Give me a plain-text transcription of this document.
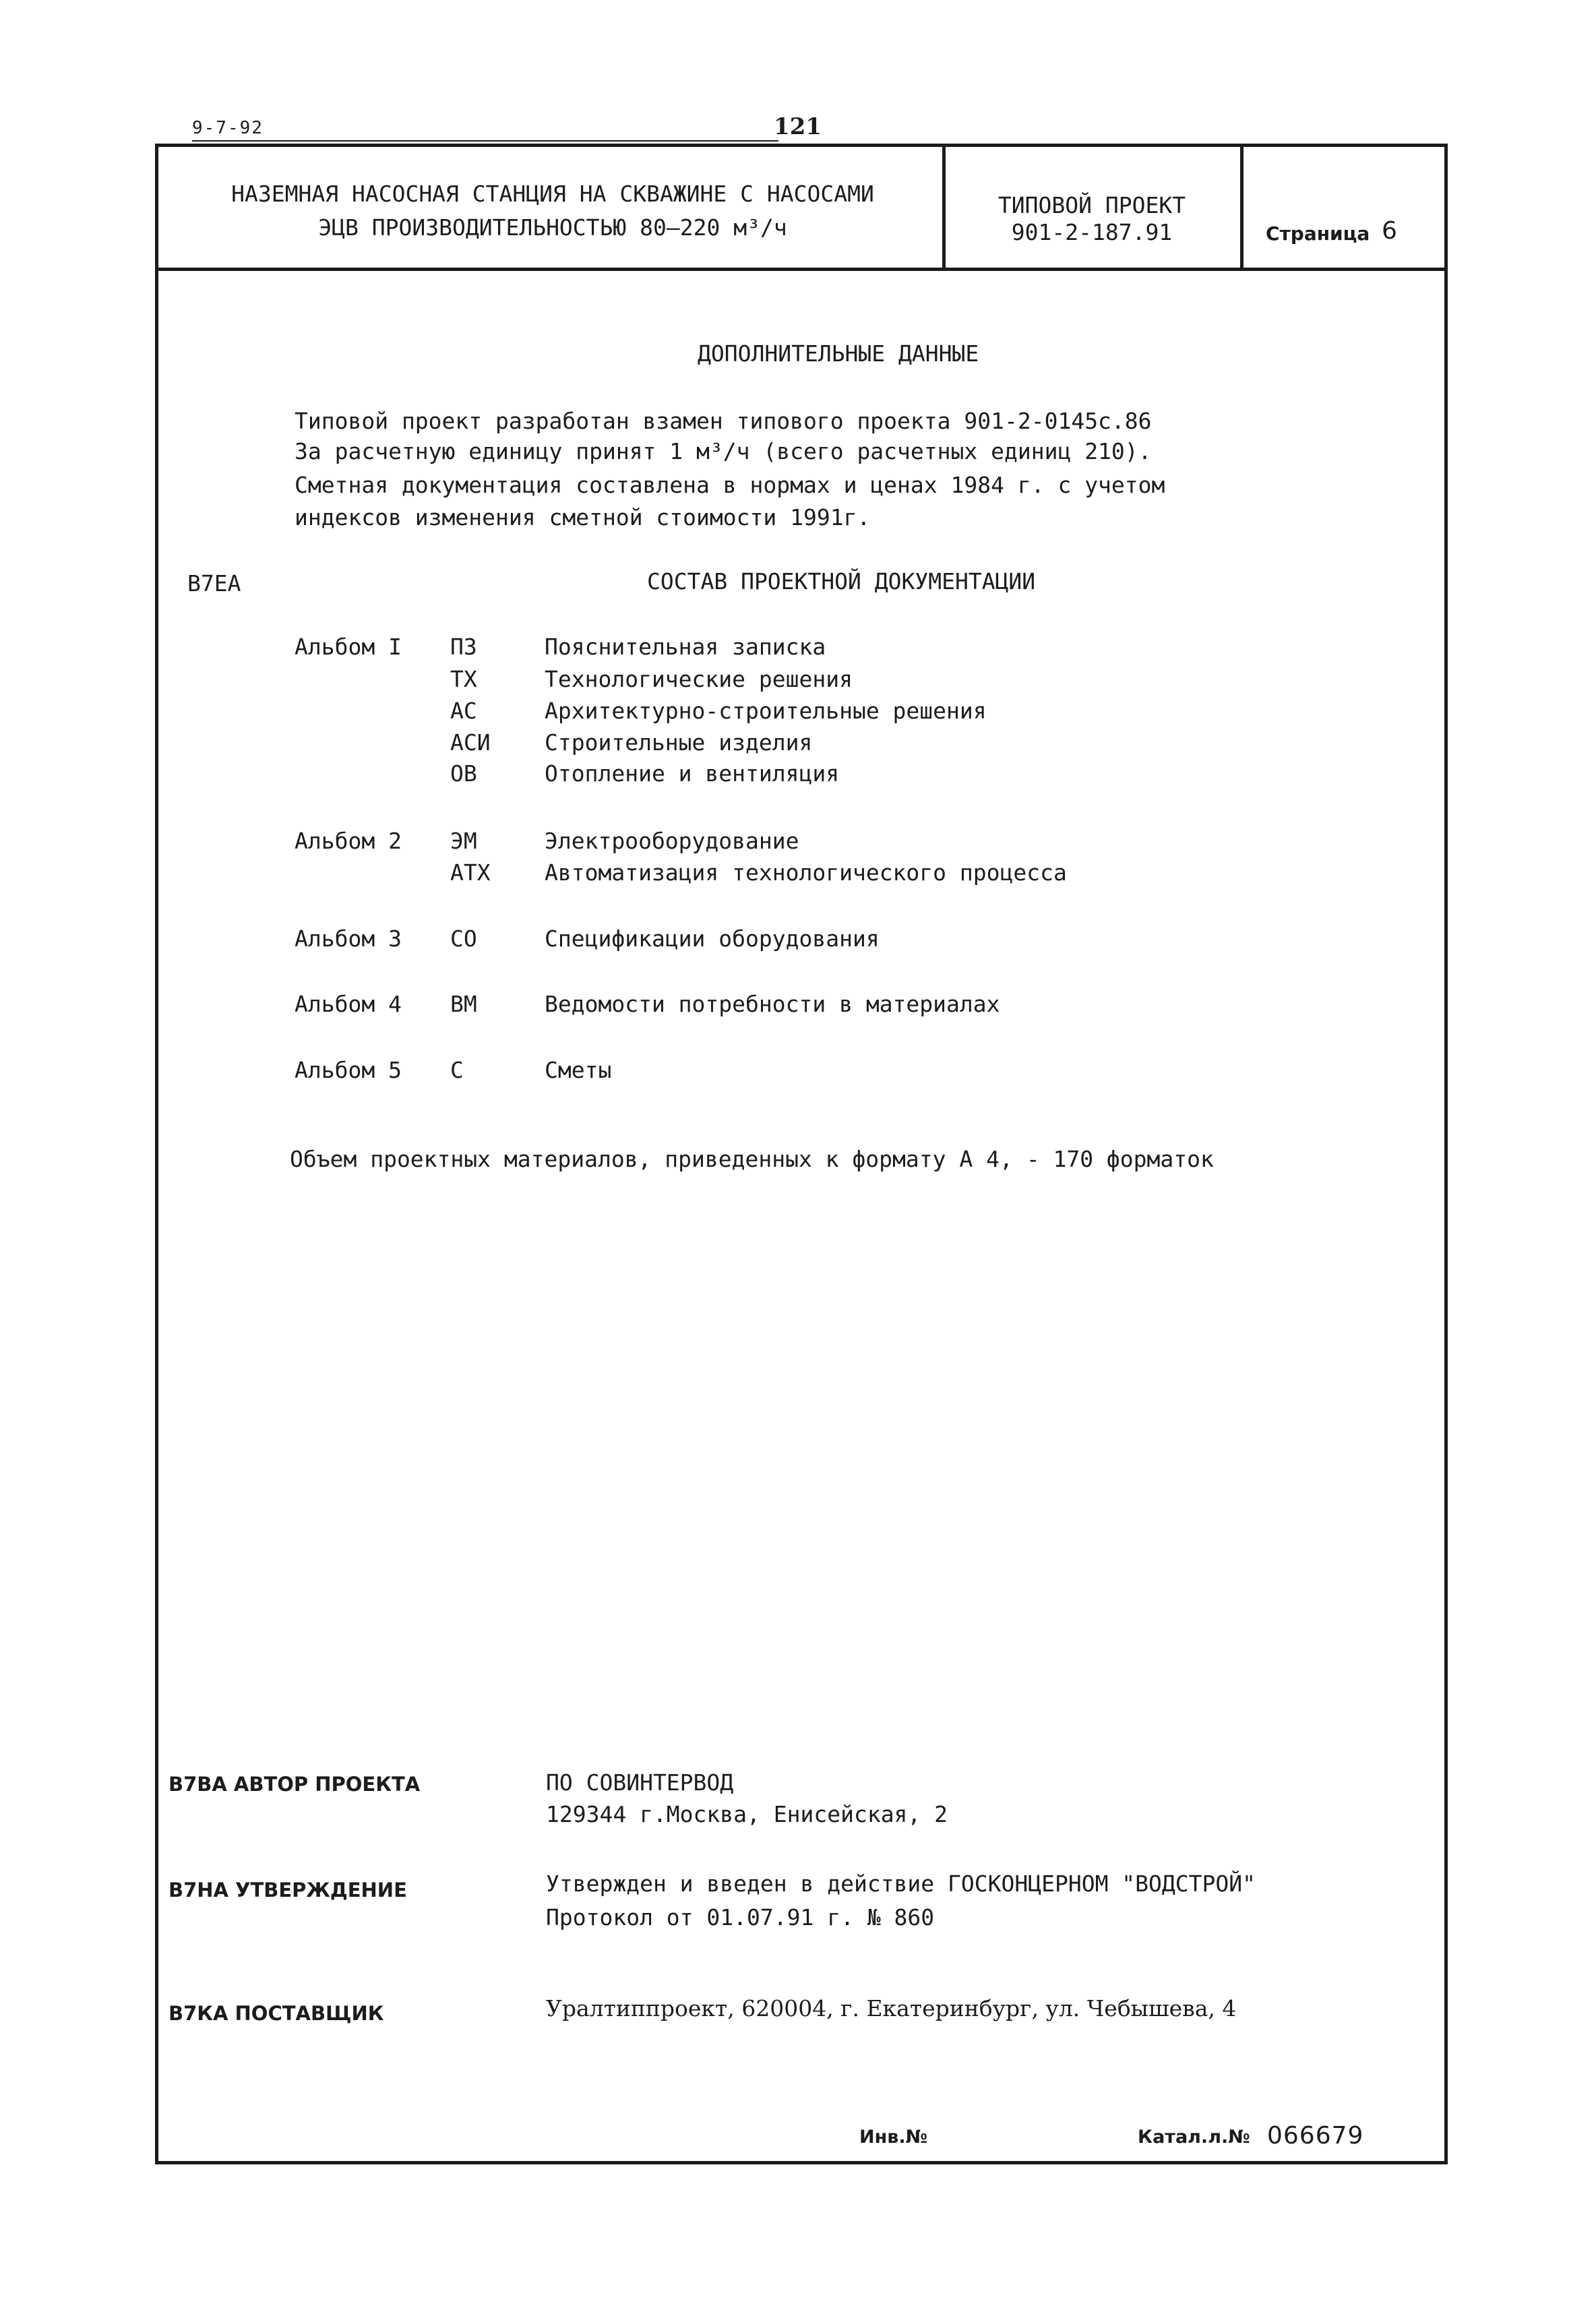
9-7-92	121
НАЗЕМНАЯ НАСОСНАЯ СТАНЦИЯ НА СКВАЖИНЕ С НАСОСАМИ
ЭЦВ ПРОИЗВОДИТЕЛЬНОСТЬЮ 80–220 м³/ч
ТИПОВОЙ ПРОЕКТ
901-2-187.91	Страница 6
ДОПОЛНИТЕЛЬНЫЕ ДАННЫЕ
Типовой проект разработан взамен типового проекта 901-2-0145с.86
За расчетную единицу принят 1 м³/ч (всего расчетных единиц 210).
Сметная документация составлена в нормах и ценах 1984 г. с учетом
индексов изменения сметной стоимости 1991г.
В7ЕА	СОСТАВ ПРОЕКТНОЙ ДОКУМЕНТАЦИИ
Альбом I ПЗ	Пояснительная записка
ТХ	Технологические решения
АС	Архитектурно-строительные решения
АСИ Строительные изделия
ОВ	Отопление и вентиляция
Альбом 2 ЭМ	Электрооборудование
АТХ Автоматизация технологического процесса
Альбом 3 СО	Спецификации оборудования
Альбом 4 ВМ	Ведомости потребности в материалах
Альбом 5 С	Сметы
Объем проектных материалов, приведенных к формату А 4, - 170 форматок
В7ВА АВТОР ПРОЕКТА	ПО СОВИНТЕРВОД
129344 г.Москва, Енисейская, 2
В7НА УТВЕРЖДЕНИЕ	Утвержден и введен в действие ГОСКОНЦЕРНОМ "ВОДСТРОЙ"
Протокол от 01.07.91 г. № 860
В7КА ПОСТАВЩИК	Уралтиппроект, 620004, г. Екатеринбург, ул. Чебышева, 4
Инв.№	Катал.л.№ 066679
